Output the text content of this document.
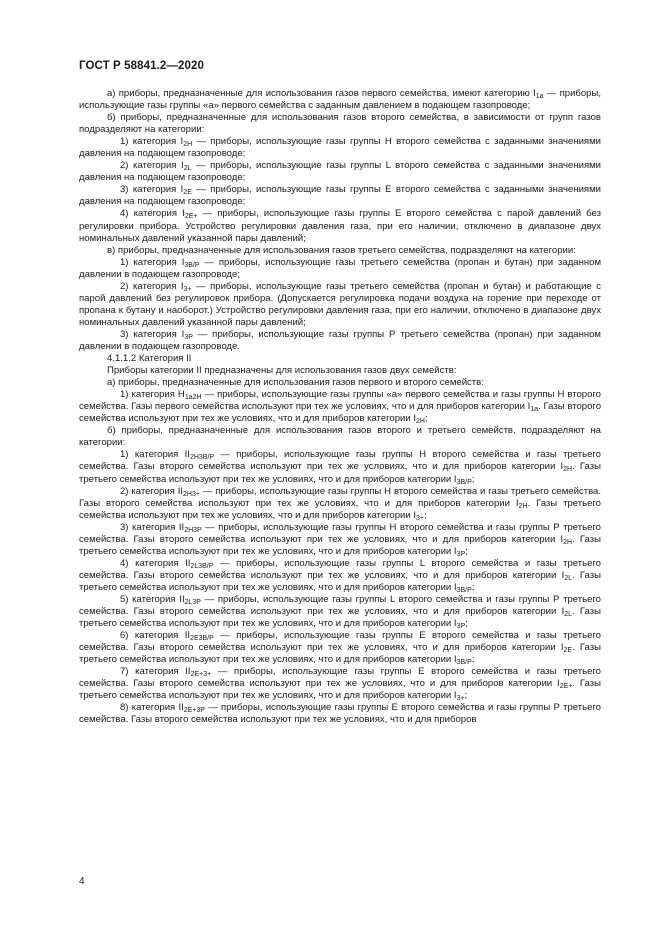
ГОСТ Р 58841.2—2020

а) приборы, предназначенные для использования газов первого семейства, имеют категорию $I_{1a}$ — приборы, использующие газы группы «а» первого семейства с заданным давлением в подающем газопроводе;

б) приборы, предназначенные для использования газов второго семейства, в зависимости от групп газов подразделяют на категории:

1) категория $I_{2H}$ — приборы, использующие газы группы Н второго семейства с заданными значениями давления на подающем газопроводе;

2) категория $I_{2L}$ — приборы, использующие газы группы L второго семейства с заданными значениями давления на подающем газопроводе;

3) категория $I_{2E}$ — приборы, использующие газы группы Е второго семейства с заданными значениями давления на подающем газопроводе;

4) категория $I_{2E+}$ — приборы, использующие газы группы Е второго семейства с парой давлений без регулировки прибора. Устройство регулировки давления газа, при его наличии, отключено в диапазоне двух номинальных давлений указанной пары давлений;

в) приборы, предназначенные для использования газов третьего семейства, подразделяют на категории:

1) категория $I_{3B/P}$ — приборы, использующие газы третьего семейства (пропан и бутан) при заданном давлении в подающем газопроводе;

2) категория $I_{3+}$ — приборы, использующие газы третьего семейства (пропан и бутан) и работающие с парой давлений без регулировок прибора. (Допускается регулировка подачи воздуха на горение при переходе от пропана к бутану и наоборот.) Устройство регулировки давления газа, при его наличии, отключено в диапазоне двух номинальных давлений указанной пары давлений;

3) категория $I_{3P}$ — приборы, использующие газы группы Р третьего семейства (пропан) при заданном давлении в подающем газопроводе.

4.1.1.2 Категория II

Приборы категории II предназначены для использования газов двух семейств:

а) приборы, предназначенные для использования газов первого и второго семейств:

1) категория $H_{1a2H}$ — приборы, использующие газы группы «а» первого семейства и газы группы Н второго семейства. Газы первого семейства используют при тех же условиях, что и для приборов категории $I_{1a}$. Газы второго семейства используют при тех же условиях, что и для приборов категории $I_{2H}$;

б) приборы, предназначенные для использования газов второго и третьего семейств, подразделяют на категории:

1) категория $II_{2H3B/P}$ — приборы, использующие газы группы Н второго семейства и газы третьего семейства. Газы второго семейства используют при тех же условиях, что и для приборов категории $I_{2H}$. Газы третьего семейства используют при тех же условиях, что и для приборов категории $I_{3B/P}$;

2) категория $II_{2H3+}$ — приборы, использующие газы группы Н второго семейства и газы третьего семейства. Газы второго семейства используют при тех же условиях, что и для приборов категории $I_{2H}$. Газы третьего семейства используют при тех же условиях, что и для приборов категории $I_{3+}$;

3) категория $II_{2H3P}$ — приборы, использующие газы группы Н второго семейства и газы группы Р третьего семейства. Газы второго семейства используют при тех же условиях, что и для приборов категории $I_{2H}$. Газы третьего семейства используют при тех же условиях, что и для приборов категории $I_{3P}$;

4) категория $II_{2L3B/P}$ — приборы, использующие газы группы L второго семейства и газы третьего семейства. Газы второго семейства используют при тех же условиях, что и для приборов категории $I_{2L}$. Газы третьего семейства используют при тех же условиях, что и для приборов категории $I_{3B/P}$;

5) категория $II_{2L3P}$ — приборы, использующие газы группы L второго семейства и газы группы Р третьего семейства. Газы второго семейства используют при тех же условиях, что и для приборов категории $I_{2L}$. Газы третьего семейства используют при тех же условиях, что и для приборов категории $I_{3P}$;

6) категория $II_{2E3B/P}$ — приборы, использующие газы группы Е второго семейства и газы третьего семейства. Газы второго семейства используют при тех же условиях, что и для приборов категории $I_{2E}$. Газы третьего семейства используют при тех же условиях, что и для приборов категории $I_{3B/P}$;

7) категория $II_{2E+3+}$ — приборы, использующие газы группы Е второго семейства и газы третьего семейства. Газы второго семейства используют при тех же условиях, что и для приборов категории $I_{2E+}$. Газы третьего семейства используют при тех же условиях, что и для приборов категории $I_{3+}$;

8) категория $II_{2E+3P}$ — приборы, использующие газы группы Е второго семейства и газы группы Р третьего семейства. Газы второго семейства используют при тех же условиях, что и для приборов

4
